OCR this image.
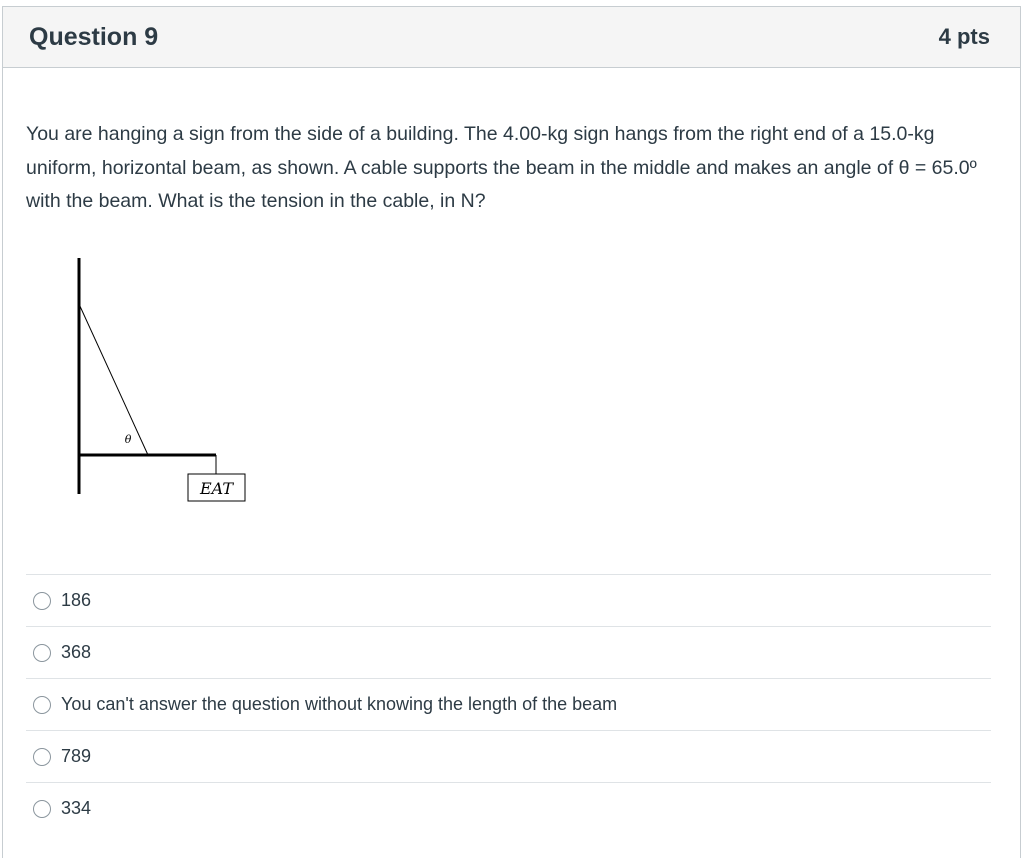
Question 9	4 pts
You are hanging a sign from the side of a building. The 4.00-kg sign hangs from the right end of a 15.0-kg uniform, horizontal beam, as shown. A cable supports the beam in the middle and makes an angle of θ = 65.0º with the beam. What is the tension in the cable, in N?
θ
EAT
186
368
You can't answer the question without knowing the length of the beam
789
334
